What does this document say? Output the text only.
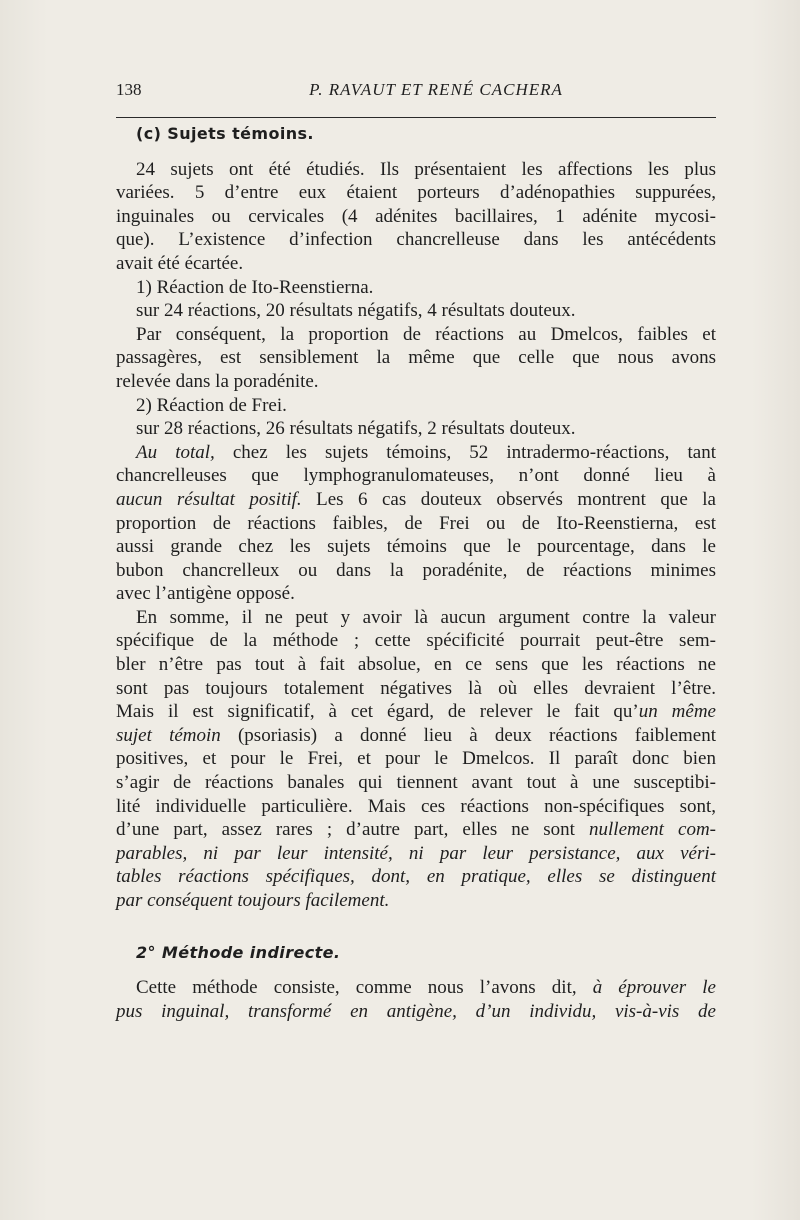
138	P. RAVAUT ET RENÉ CACHERA
(c) Sujets témoins.
24 sujets ont été étudiés. Ils présentaient les affections les plus
variées. 5 d’entre eux étaient porteurs d’adénopathies suppurées,
inguinales ou cervicales (4 adénites bacillaires, 1 adénite mycosi-
que). L’existence d’infection chancrelleuse dans les antécédents
avait été écartée.
1) Réaction de Ito-Reenstierna.
sur 24 réactions, 20 résultats négatifs, 4 résultats douteux.
Par conséquent, la proportion de réactions au Dmelcos, faibles et
passagères, est sensiblement la même que celle que nous avons
relevée dans la poradénite.
2) Réaction de Frei.
sur 28 réactions, 26 résultats négatifs, 2 résultats douteux.
Au total, chez les sujets témoins, 52 intradermo-réactions, tant
chancrelleuses que lymphogranulomateuses, n’ont donné lieu à
aucun résultat positif. Les 6 cas douteux observés montrent que la
proportion de réactions faibles, de Frei ou de Ito-Reenstierna, est
aussi grande chez les sujets témoins que le pourcentage, dans le
bubon chancrelleux ou dans la poradénite, de réactions minimes
avec l’antigène opposé.
En somme, il ne peut y avoir là aucun argument contre la valeur
spécifique de la méthode ; cette spécificité pourrait peut-être sem-
bler n’être pas tout à fait absolue, en ce sens que les réactions ne
sont pas toujours totalement négatives là où elles devraient l’être.
Mais il est significatif, à cet égard, de relever le fait qu’un même
sujet témoin (psoriasis) a donné lieu à deux réactions faiblement
positives, et pour le Frei, et pour le Dmelcos. Il paraît donc bien
s’agir de réactions banales qui tiennent avant tout à une susceptibi-
lité individuelle particulière. Mais ces réactions non-spécifiques sont,
d’une part, assez rares ; d’autre part, elles ne sont nullement com-
parables, ni par leur intensité, ni par leur persistance, aux véri-
tables réactions spécifiques, dont, en pratique, elles se distinguent
par conséquent toujours facilement.
2° Méthode indirecte.
Cette méthode consiste, comme nous l’avons dit, à éprouver le
pus inguinal, transformé en antigène, d’un individu, vis-à-vis de
